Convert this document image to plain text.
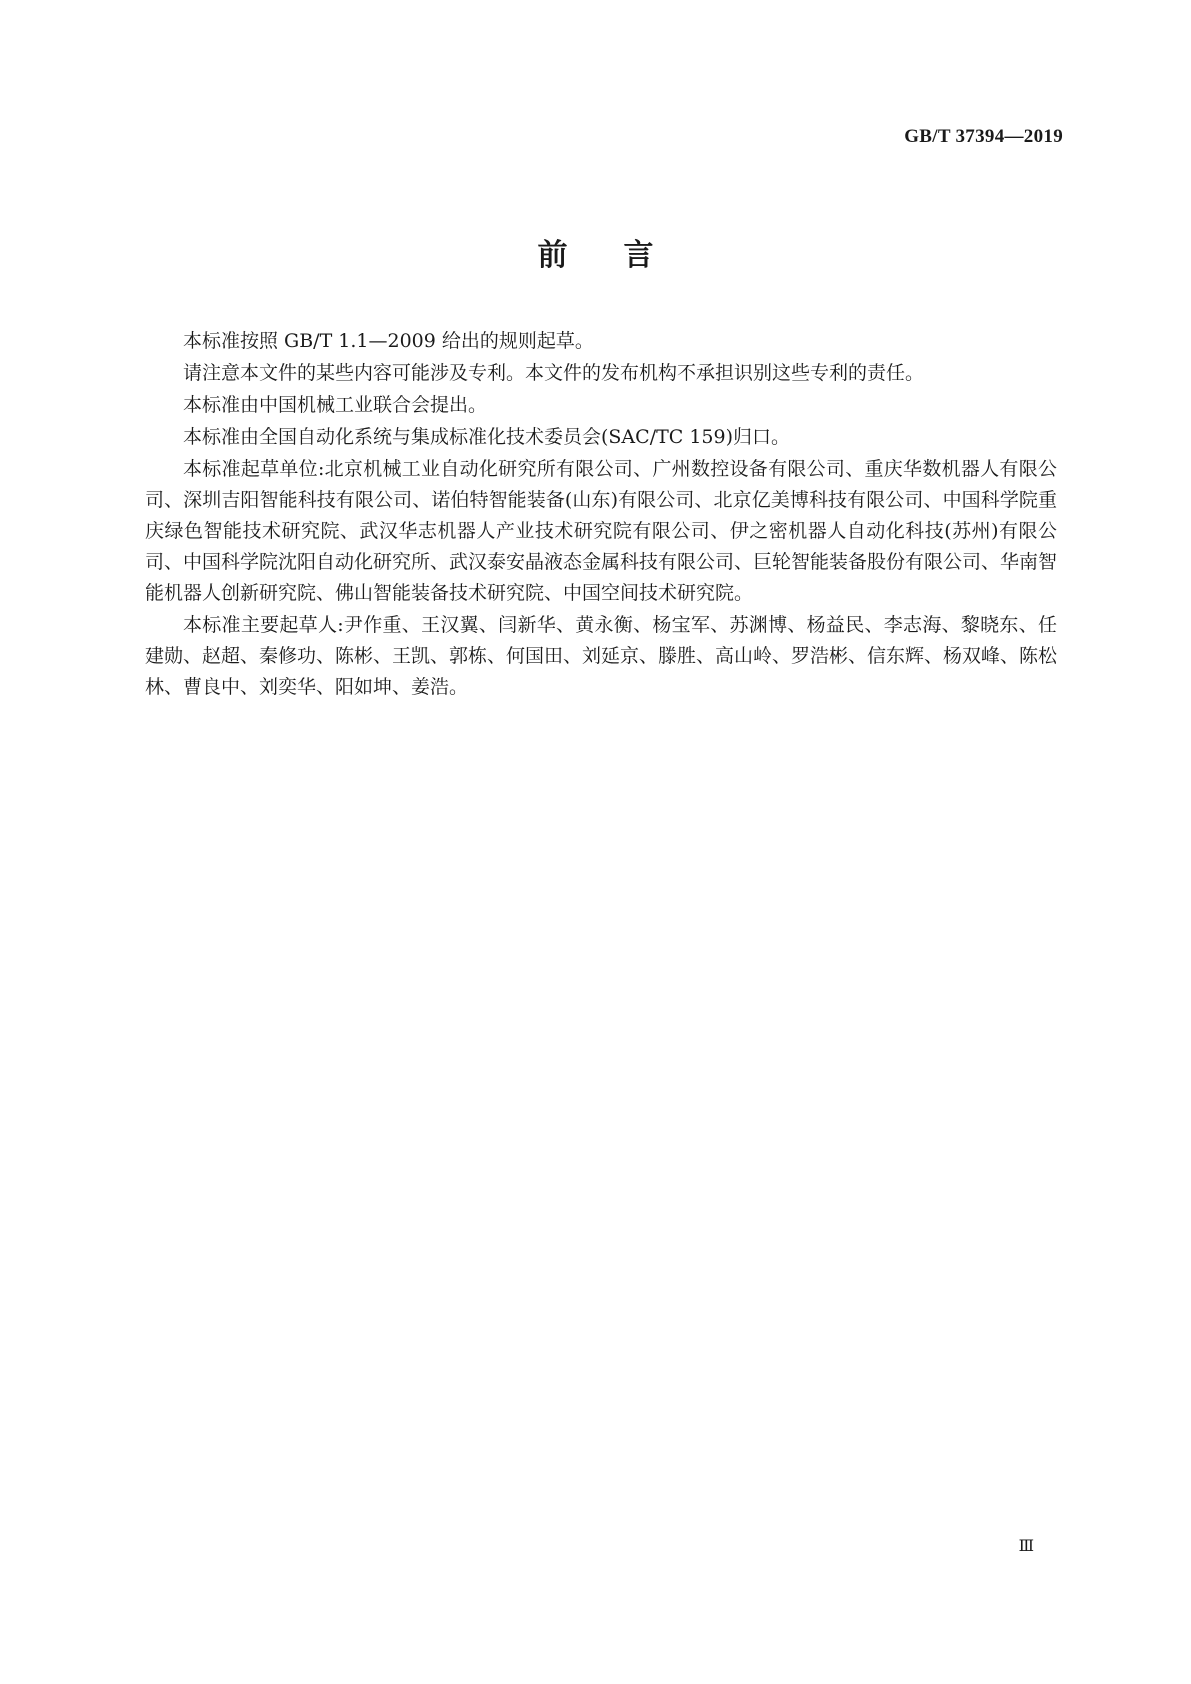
GB/T 37394—2019
前言

本标准按照 GB/T 1.1—2009 给出的规则起草。

请注意本文件的某些内容可能涉及专利。本文件的发布机构不承担识别这些专利的责任。

本标准由中国机械工业联合会提出。

本标准由全国自动化系统与集成标准化技术委员会(SAC/TC 159)归口。

本标准起草单位:北京机械工业自动化研究所有限公司、广州数控设备有限公司、重庆华数机器人有限公司、深圳吉阳智能科技有限公司、诺伯特智能装备(山东)有限公司、北京亿美博科技有限公司、中国科学院重庆绿色智能技术研究院、武汉华志机器人产业技术研究院有限公司、伊之密机器人自动化科技(苏州)有限公司、中国科学院沈阳自动化研究所、武汉泰安晶液态金属科技有限公司、巨轮智能装备股份有限公司、华南智能机器人创新研究院、佛山智能装备技术研究院、中国空间技术研究院。

本标准主要起草人:尹作重、王汉翼、闫新华、黄永衡、杨宝军、苏渊博、杨益民、李志海、黎晓东、任建勋、赵超、秦修功、陈彬、王凯、郭栋、何国田、刘延京、滕胜、高山岭、罗浩彬、信东辉、杨双峰、陈松林、曹良中、刘奕华、阳如坤、姜浩。

Ⅲ
